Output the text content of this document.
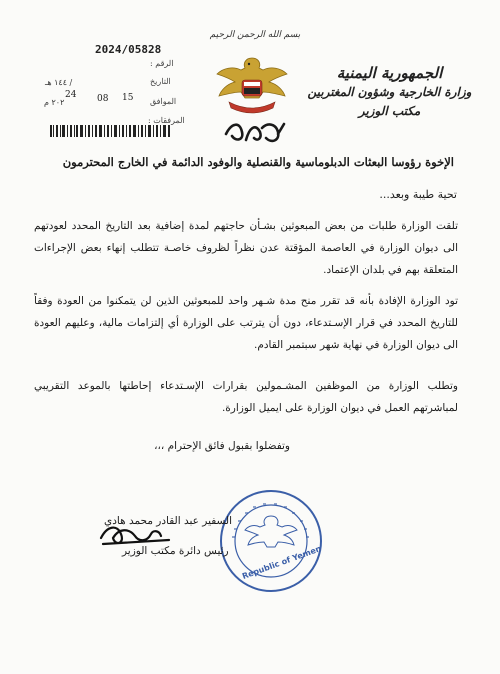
الجمهورية اليمنية
وزارة الخارجية وشؤون المغتربين
مكتب الوزير
بسم الله الرحمن الرحيم
2024/05828
الرقم :
التاريخ
/ ١٤٤ هـ
الموافق
24 08 15
٢٠٢ م
المرفقات :
الإخوة رؤوسا البعثات الدبلوماسية والقنصلية والوفود الدائمة في الخارج المحترمون
تحية طيبة وبعد...
تلقت الوزارة طلبات من بعض المبعوثين بشـأن حاجتهم لمدة إضافية بعد التاريخ المحدد لعودتهم الى ديوان الوزارة في العاصمة المؤقتة عدن نظراً لظروف خاصـة تتطلب إنهاء بعض الإجراءات المتعلقة بهم في بلدان الإعتماد.
تود الوزارة الإفادة بأنه قد تقرر منح مدة شـهر واحد للمبعوثين الذين لن يتمكنوا من العودة وفقاً للتاريخ المحدد في قرار الإسـتدعاء، دون أن يترتب على الوزارة أي إلتزامات مالية، وعليهم العودة الى ديوان الوزارة في نهاية شهر سبتمبر القادم.
وتطلب الوزارة من الموظفين المشـمولين بقرارات الإسـتدعاء إحاطتها بالموعد التقريبي لمباشرتهم العمل في ديوان الوزارة على ايميل الوزارة.
وتفضلوا بقبول فائق الإحترام ،،،
Republic of Yemen
السفير عبد القادر محمد هادي
رئيس دائرة مكتب الوزير
